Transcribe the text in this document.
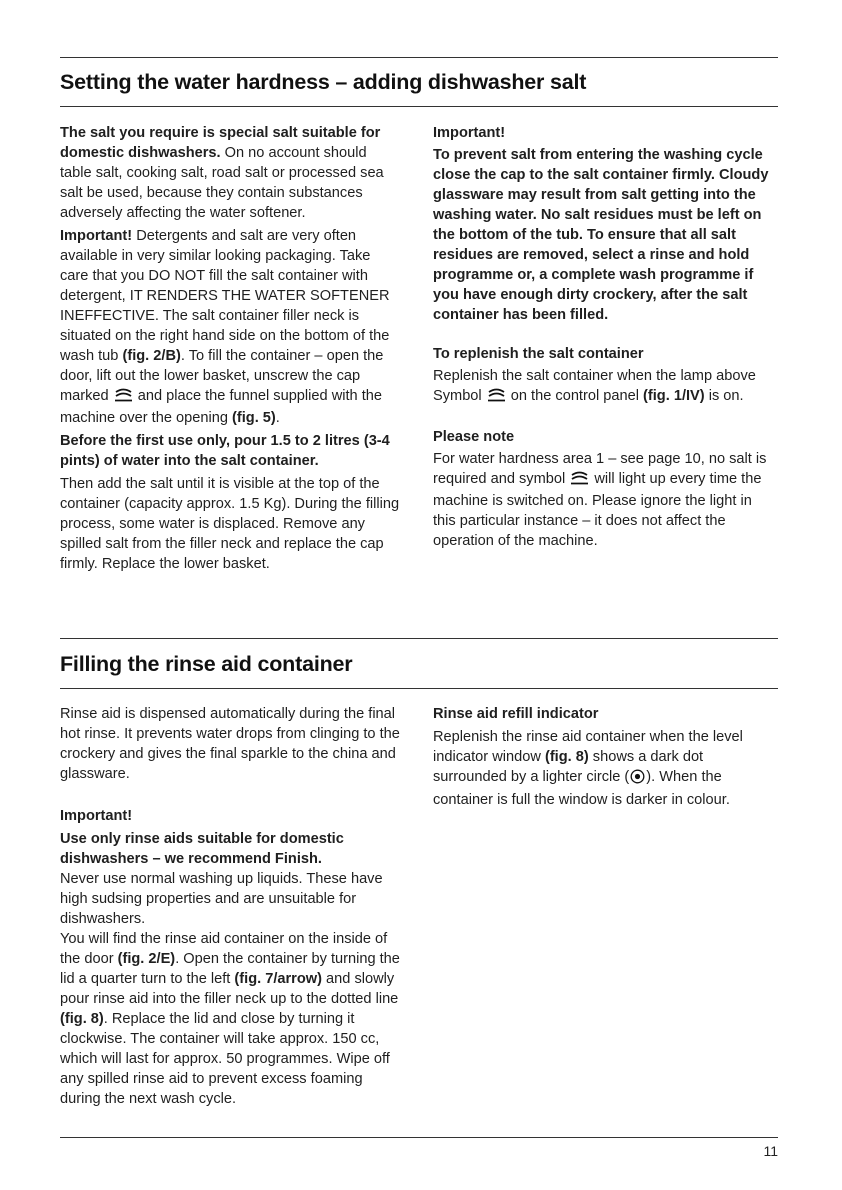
Setting the water hardness – adding dishwasher salt

The salt you require is special salt suitable for domestic dishwashers. On no account should table salt, cooking salt, road salt or processed sea salt be used, because they contain substances adversely affecting the water softener.

Important! Detergents and salt are very often available in very similar looking packaging. Take care that you DO NOT fill the salt container with detergent, IT RENDERS THE WATER SOFTENER INEFFECTIVE. The salt container filler neck is situated on the right hand side on the bottom of the wash tub (fig. 2/B). To fill the container – open the door, lift out the lower basket, unscrew the cap marked  and place the funnel supplied with the machine over the opening (fig. 5).

Before the first use only, pour 1.5 to 2 litres (3-4 pints) of water into the salt container.

Then add the salt until it is visible at the top of the container (capacity approx. 1.5 Kg). During the filling process, some water is displaced. Remove any spilled salt from the filler neck and replace the cap firmly. Replace the lower basket.

Important!

To prevent salt from entering the washing cycle close the cap to the salt container firmly. Cloudy glassware may result from salt getting into the washing water. No salt residues must be left on the bottom of the tub. To ensure that all salt residues are removed, select a rinse and hold programme or, a complete wash programme if you have enough dirty crockery, after the salt container has been filled.

To replenish the salt container

Replenish the salt container when the lamp above Symbol  on the control panel (fig. 1/IV) is on.

Please note

For water hardness area 1 – see page 10, no salt is required and symbol  will light up every time the machine is switched on. Please ignore the light in this particular instance – it does not affect the operation of the machine.

Filling the rinse aid container

Rinse aid is dispensed automatically during the final hot rinse. It prevents water drops from clinging to the crockery and gives the final sparkle to the china and glassware.

Important!

Use only rinse aids suitable for domestic dishwashers – we recommend Finish.

Never use normal washing up liquids. These have high sudsing properties and are unsuitable for dishwashers.

You will find the rinse aid container on the inside of the door (fig. 2/E). Open the container by turning the lid a quarter turn to the left (fig. 7/arrow) and slowly pour rinse aid into the filler neck up to the dotted line (fig. 8). Replace the lid and close by turning it clockwise. The container will take approx. 150 cc, which will last for approx. 50 programmes. Wipe off any spilled rinse aid to prevent excess foaming during the next wash cycle.

Rinse aid refill indicator

Replenish the rinse aid container when the level indicator window (fig. 8) shows a dark dot surrounded by a lighter circle ( ). When the container is full the window is darker in colour.

11
